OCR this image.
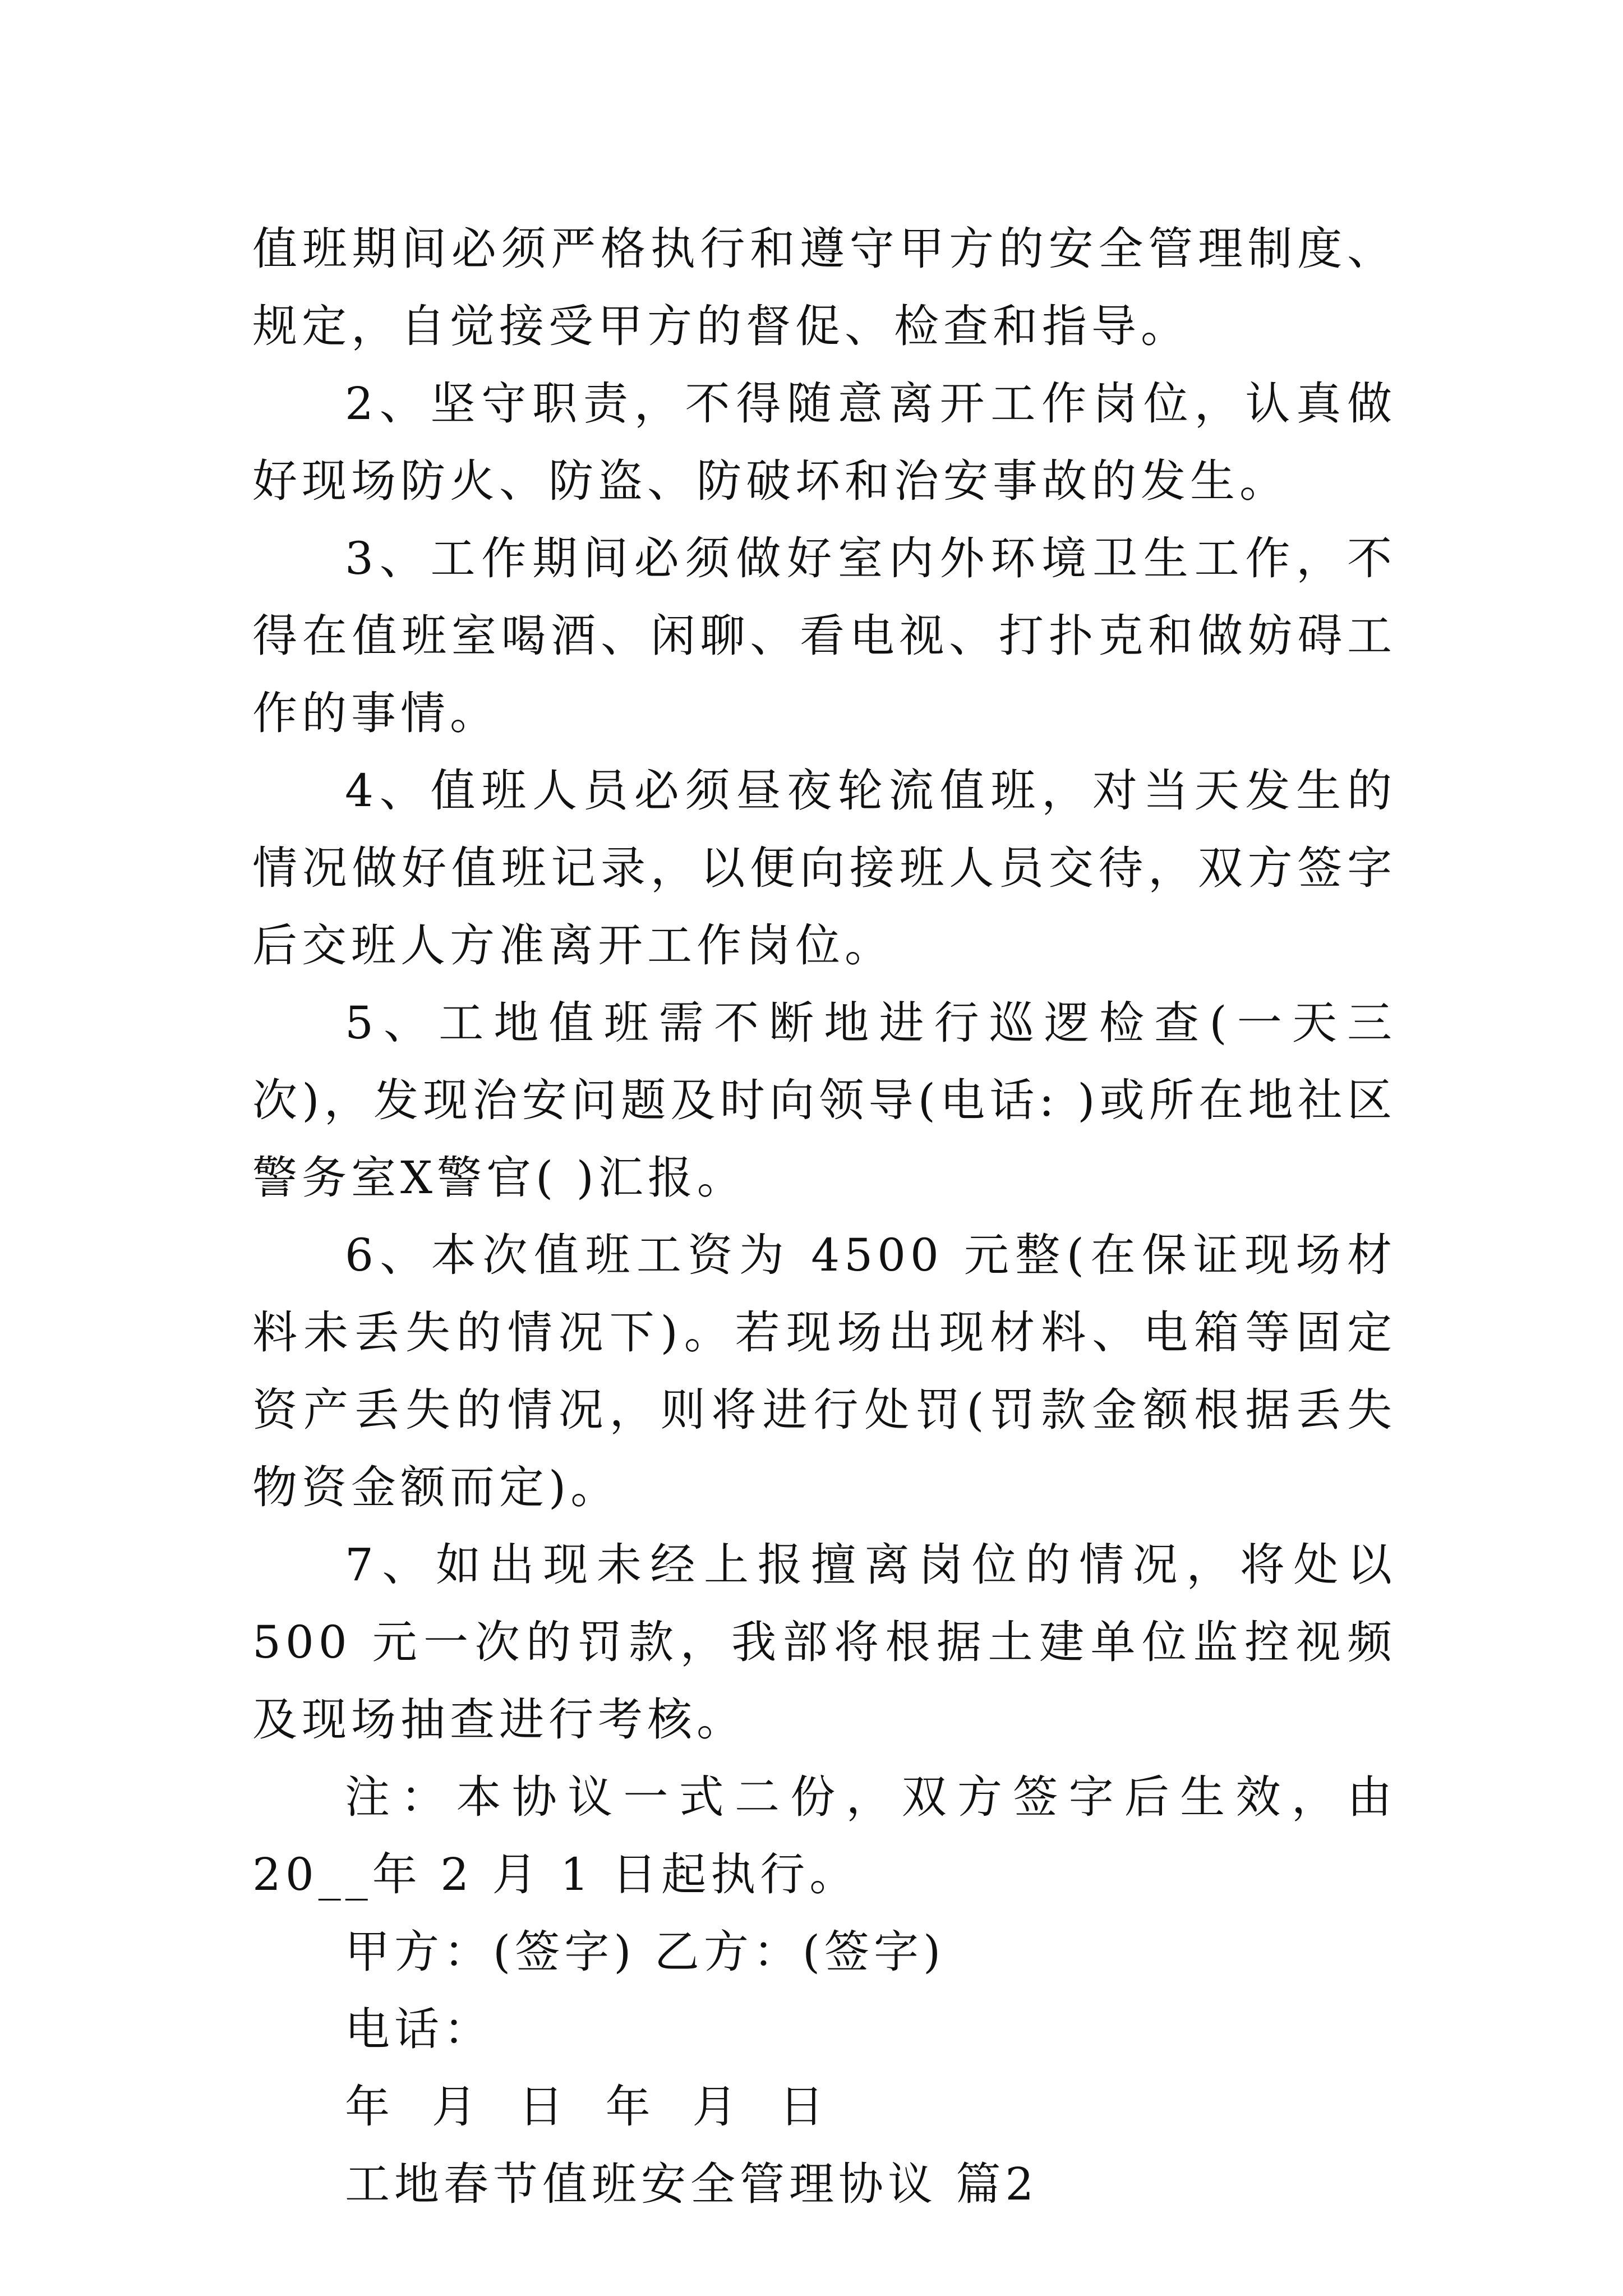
值班期间必须严格执行和遵守甲方的安全管理制度、规定，自觉接受甲方的督促、检查和指导。

2、坚守职责，不得随意离开工作岗位，认真做好现场防火、防盗、防破坏和治安事故的发生。

3、工作期间必须做好室内外环境卫生工作，不得在值班室喝酒、闲聊、看电视、打扑克和做妨碍工作的事情。

4、值班人员必须昼夜轮流值班，对当天发生的情况做好值班记录，以便向接班人员交待，双方签字后交班人方准离开工作岗位。

5、工地值班需不断地进行巡逻检查(一天三次)，发现治安问题及时向领导(电话: )或所在地社区警务室X警官( )汇报。

6、本次值班工资为 4500 元整(在保证现场材料未丢失的情况下)。若现场出现材料、电箱等固定资产丢失的情况，则将进行处罚(罚款金额根据丢失物资金额而定)。

7、如出现未经上报擅离岗位的情况，将处以 500 元一次的罚款，我部将根据土建单位监控视频及现场抽查进行考核。

注：本协议一式二份，双方签字后生效，由 20__年 2 月 1 日起执行。

甲方：(签字) 乙方：(签字)

电话：

年  月  日  年  月  日

工地春节值班安全管理协议 篇2
